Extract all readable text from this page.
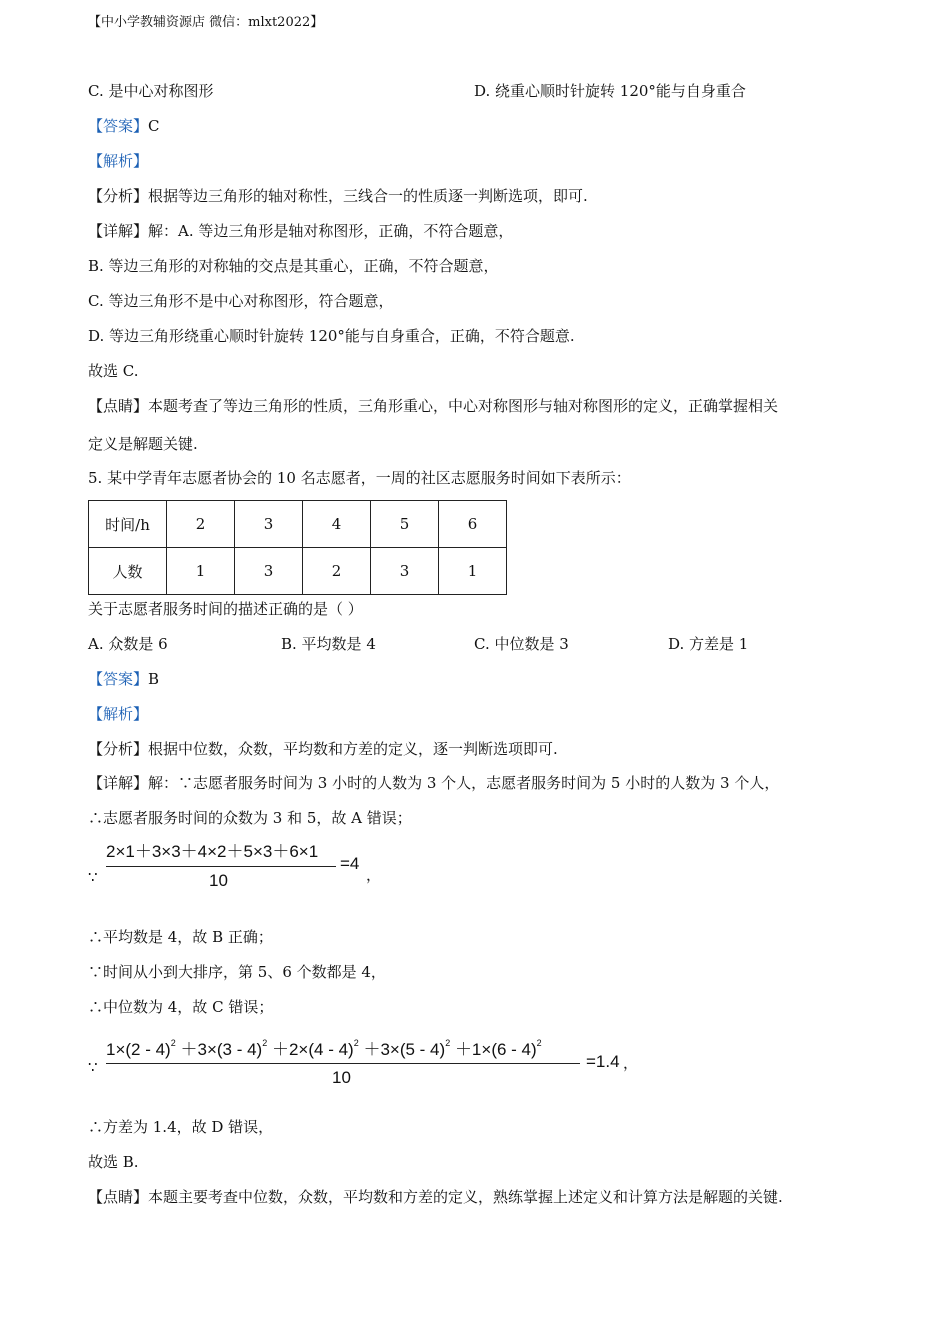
【中小学教辅资源店 微信：mlxt2022】
C. 是中心对称图形	D. 绕重心顺时针旋转 120°能与自身重合
【答案】C
【解析】
【分析】根据等边三角形的轴对称性，三线合一的性质逐一判断选项，即可.
【详解】解：A. 等边三角形是轴对称图形，正确，不符合题意，
B. 等边三角形的对称轴的交点是其重心，正确，不符合题意，
C. 等边三角形不是中心对称图形，符合题意，
D. 等边三角形绕重心顺时针旋转 120°能与自身重合，正确，不符合题意.
故选 C.
【点睛】本题考查了等边三角形的性质，三角形重心，中心对称图形与轴对称图形的定义，正确掌握相关
定义是解题关键.
5. 某中学青年志愿者协会的 10 名志愿者，一周的社区志愿服务时间如下表所示：
时间/h	2	3	4	5	6
人数	1	3	2	3	1
关于志愿者服务时间的描述正确的是（ ）
A. 众数是 6	B. 平均数是 4	C. 中位数是 3	D. 方差是 1
【答案】B
【解析】
【分析】根据中位数，众数，平均数和方差的定义，逐一判断选项即可.
【详解】解：∵志愿者服务时间为 3 小时的人数为 3 个人，志愿者服务时间为 5 小时的人数为 3 个人，
∴志愿者服务时间的众数为 3 和 5，故 A 错误；
∵
2×1＋3×3＋4×2＋5×3＋6×1
10
=4
，
∴平均数是 4，故 B 正确；
∵时间从小到大排序，第 5、6 个数都是 4，
∴中位数为 4，故 C 错误；
∵
1×(2 - 4)$^2$ ＋3×(3 - 4)$^2$ ＋2×(4 - 4)$^2$ ＋3×(5 - 4)$^2$ ＋1×(6 - 4)$^2$
10
=1.4 ，
∴方差为 1.4，故 D 错误，
故选 B.
【点睛】本题主要考查中位数，众数，平均数和方差的定义，熟练掌握上述定义和计算方法是解题的关键.
